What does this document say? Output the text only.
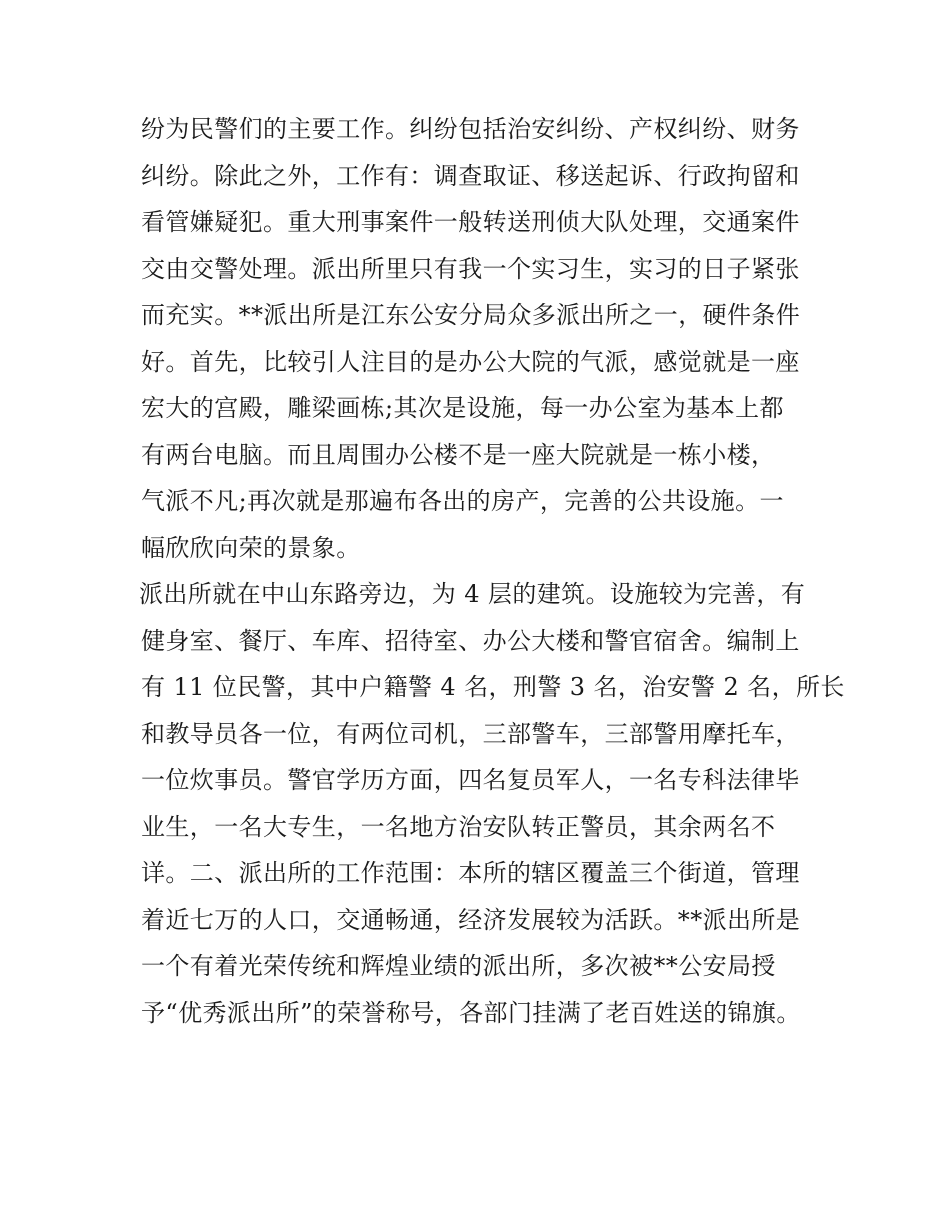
纷为民警们的主要工作。纠纷包括治安纠纷、产权纠纷、财务
纠纷。除此之外，工作有：调查取证、移送起诉、行政拘留和
看管嫌疑犯。重大刑事案件一般转送刑侦大队处理，交通案件
交由交警处理。派出所里只有我一个实习生，实习的日子紧张
而充实。**派出所是江东公安分局众多派出所之一，硬件条件
好。首先，比较引人注目的是办公大院的气派，感觉就是一座
宏大的宫殿，雕梁画栋;其次是设施，每一办公室为基本上都
有两台电脑。而且周围办公楼不是一座大院就是一栋小楼，
气派不凡;再次就是那遍布各出的房产，完善的公共设施。一
幅欣欣向荣的景象。
派出所就在中山东路旁边，为 4 层的建筑。设施较为完善，有
健身室、餐厅、车库、招待室、办公大楼和警官宿舍。编制上
有 11 位民警，其中户籍警 4 名，刑警 3 名，治安警 2 名，所长
和教导员各一位，有两位司机，三部警车，三部警用摩托车，
一位炊事员。警官学历方面，四名复员军人，一名专科法律毕
业生，一名大专生，一名地方治安队转正警员，其余两名不
详。二、派出所的工作范围：本所的辖区覆盖三个街道，管理
着近七万的人口，交通畅通，经济发展较为活跃。**派出所是
一个有着光荣传统和辉煌业绩的派出所，多次被**公安局授
予“优秀派出所”的荣誉称号，各部门挂满了老百姓送的锦旗。
